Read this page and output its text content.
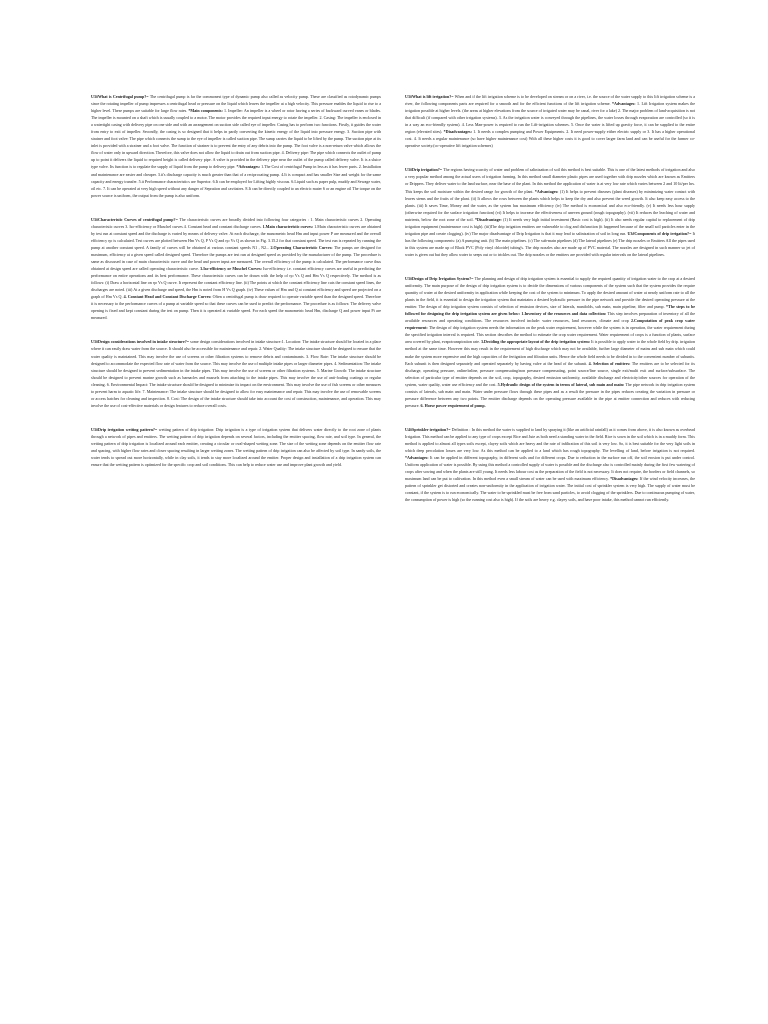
U3#What is Centrifugal pump?= The centrifugal pump is far the commonest type of dynamic pump also called as velocity pump. These are classified as rotodynamic pumps since the rotating impeller of pump impresses a centrifugal head or pressure on the liquid which leaves the impeller at a high velocity. This pressure enables the liquid to rise to a higher level. These pumps are suitable for large flow rates. *Main components: 1. Impeller: An impeller is a wheel or rotor having a series of backward curved vanes or blades. The impeller is mounted on a shaft which is usually coupled to a motor. The motor provides the required input energy to rotate the impeller. 2. Casing: The impeller is enclosed in a watertight casing with delivery pipe on one side and with an arrangement on suction side called eye of impeller. Casing has to perform two functions. Firstly, it guides the water from entry to exit of impeller. Secondly, the casing is so designed that it helps in partly converting the kinetic energy of the liquid into pressure energy. 3. Suction pipe with strainer and foot valve: The pipe which connects the sump to the eye of impeller is called suction pipe. The sump carries the liquid to be lifted by the pump. The suction pipe at its inlet is provided with a strainer and a foot valve. The function of strainer is to prevent the entry of any debris into the pump. The foot valve is a non-return valve which allows the flow of water only in upward direction. Therefore, this valve does not allow the liquid to drain out from suction pipe. 4. Delivery pipe: The pipe which connects the outlet of pump up to point it delivers the liquid to required height is called delivery pipe. A valve is provided in the delivery pipe near the outlet of the pump called delivery valve. It is a sluice type valve. Its function is to regulate the supply of liquid from the pump to delivery pipe. *Advantages: 1.The Cost of centrifugal Pump in less as it has fewer parts. 2. Installation and maintenance are easier and cheaper. 3.it's discharge capacity is much greater than that of a reciprocating pump. 4.It is compact and has smaller Size and weight for the same capacity and energy transfer. 5.it Performance characteristics are Superior. 6.It can be employed for Lifting highly viscous. 6.Liquid such as paper pulp, muddy and Sewage water, oil etc. 7. It can be operated at very high speed without any danger of Sepration and cavitatres. 8.It can be directly coupled to an electric mater 6 or an engine oil The torque on the power source is uniform, the output from the pump is also uniform.

U3#Characteristic Curves of centrifugal pump?= The characteristic curves are broadly divided into following four categories : 1. Main characteristic curves 2. Operating characteristic curves 3. Iso-efficiency or Muschel curves 4. Constant head and constant discharge curves. 1.Main characteristic curves: 1.Main characteristic curves are obtained by test run at constant speed and the discharge is varied by means of delivery valve. At each discharge, the manometric head Hm and input power P are measured and the overall efficiency ηo is calculated. Test curves are plotted between Hm Vs Q, P Vs Q and ηo Vs Q as shown in Fig. 3.15.2 for that constant speed. The test run is repeated by running the pump at another constant speed. A family of curves will be obtained at various constant speeds N1 , N2... 2.Operating Characteristic Curves: The pumps are designed for maximum, efficiency at a given speed called designed speed. Therefore the pumps are test run at designed speed as provided by the manufacturer of the pump. The procedure is same as discussed in case of main characteristic curve and the head and power input are measured. The overall efficiency of the pump is calculated. The performance curve thus obtained at design speed are called operating characteristic curve. 3.Iso-efficiency or Muschel Curves: Iso-efficiency i.e. constant efficiency curves are useful in predicting the performance on entire operations and its best performance. These characteristic curves can be drawn with the help of ηo Vs Q and Hm Vs Q respectively. The method is as follows: (i) Draw a horizontal line on ηo Vs Q curve. It represent the constant efficiency line. (ii) The points at which the constant efficiency line cuts the constant speed lines, the discharges are noted. (iii) At a given discharge and speed, the Hm is noted from H Vs Q graph. (iv) These values of Hm and Q at constant efficiency and speed are projected on a graph of Hm Vs Q. 4. Constant Head and Constant Discharge Curves: Often a centrifugal pump is draw required to operate variable speed than the designed speed. Therefore it is necessary to the performance curves of a pump at variable speed so that these curves can be used to predict the performance. The procedure is as follows: The delivery valve opening is fixed and kept constant during the test on pump. Then it is operated at variable speed. For each speed the manometric head Hm, discharge Q and power input Pi are measured.

U3#Design considerations involved in intake structure?= some design considerations involved in intake structure:1. Location: The intake structure should be located in a place where it can easily draw water from the source. It should also be accessible for maintenance and repair. 2. Water Quality: The intake structure should be designed to ensure that the water quality is maintained. This may involve the use of screens or other filtration systems to remove debris and contaminants. 3. Flow Rate: The intake structure should be designed to accommodate the expected flow rate of water from the source. This may involve the use of multiple intake pipes or larger diameter pipes. 4. Sedimentation: The intake structure should be designed to prevent sedimentation in the intake pipes. This may involve the use of screens or other filtration systems. 5. Marine Growth: The intake structure should be designed to prevent marine growth such as barnacles and mussels from attaching to the intake pipes. This may involve the use of anti-fouling coatings or regular cleaning. 6. Environmental Impact: The intake structure should be designed to minimize its impact on the environment. This may involve the use of fish screens or other measures to prevent harm to aquatic life. 7. Maintenance: The intake structure should be designed to allow for easy maintenance and repair. This may involve the use of removable screens or access hatches for cleaning and inspection. 8. Cost: The design of the intake structure should take into account the cost of construction, maintenance, and operation. This may involve the use of cost-effective materials or design features to reduce overall costs.

U3#Drip irrigation wetting pattern?= wetting pattern of drip irrigation: Drip irrigation is a type of irrigation system that delivers water directly to the root zone of plants through a network of pipes and emitters. The wetting pattern of drip irrigation depends on several factors, including the emitter spacing, flow rate, and soil type. In general, the wetting pattern of drip irrigation is localized around each emitter, creating a circular or oval-shaped wetting zone. The size of the wetting zone depends on the emitter flow rate and spacing, with higher flow rates and closer spacing resulting in larger wetting zones. The wetting pattern of drip irrigation can also be affected by soil type. In sandy soils, the water tends to spread out more horizontally, while in clay soils, it tends to stay more localized around the emitter. Proper design and installation of a drip irrigation system can ensure that the wetting pattern is optimized for the specific crop and soil conditions. This can help to reduce water use and improve plant growth and yield.

U3#What is lift irrigation?= When and if the lift irrigation scheme is to be developed on stream or on a river, i.e. the source of the water supply to this lift irrigation scheme is a river, the following components parts are required for a smooth and for the efficient functions of the lift irrigation scheme. *Advantages: 1. Lift Irrigation system makes the irrigation possible at higher levels. (the areas at higher elevations from the source of irrigated water may be canal, river for a lake) 2. The major problem of land-acquisition is not that difficult (if compared with other irrigation systems). 3. As the irrigation water is conveyed through the pipelines, the water losses through evaporation are controlled (so it is in a way an eco-friendly system). 4. Less Man-power is required to run the Lift-irrigation schemes. 5. Once the water is lifted up gravity force, it can be supplied to the entire region (elevated sites). *Disadvantages: 1. It needs a complex pumping and Power Equipments. 2. It need power-supply either electric supply or 3. It has a higher operational cost. 4. It needs a regular maintenance (so have higher maintenance cost) With all these higher costs it is good to cover larger farm land and can be useful for the farmer co-operative society.(co-operative lift irrigation schemes)

U3#Drip irrigation?= The regions having scarcity of water and problem of salinization of soil this method is best suitable. This is one of the latest methods of irrigation and also a very popular method among the actual users of irrigation farming. In this method small diameter plastic pipes are used together with drip nozzles which are known as Emitters or Drippers. They deliver water to the land surface, near the base of the plant. In this method the application of water is at very low rate which varies between 2 and 10 lit/per hrs. This keeps the soil moisture within the desired range for growth of the plant. *Advantages: (1) It helps to prevent diseases (plant diseases) by minimizing water contact with leaves stems and the fruits of the plant. (ii) It allows the rows between the plants which helps to keep the dry and also prevent the weed growth. It also keep easy access to the plants. (iii) It saves Time, Money and the water, as the system has maximum efficiency (iv) The method is economical and also eco-friendly. (v) It needs less hour supply (otherwise required for the surface irrigation function) (vi) It helps to increase the effectiveness of uneven ground (rough topography). (vii) It reduces the leaching of water and nutrients, below the root zone of the soil. *Disadvantage: (1) It needs very high initial investment (Basic cost is high). (ii) It also needs regular capital to replacement of drip irrigation equipment (maintenance cost is high). (iii)The drip irrigation emitters are vulnerable to clog and disfunction (it happened because of the small soil particles enter in the irrigation pipe and create clogging). (iv) The major disadvantage of Drip Irrigation is that it may lead to salinization of soil in long run. U3#Components of drip irrigation?= It has the following components: (a) A pumping unit. (b) The main pipelines. (c) The sub-main pipelines (d) The lateral pipelines (e) The drip nozzles or Emitters All the pipes used in this system are made up of Black PVC (Poly vinyl chloride) tubing's. The drip nozzles also are made up of PVC material. The nozzles are designed in such manner so jet of water is given out but they allow water to seeps out or to trickles out. The drip nozzles or the emitters are provided with regular intervals on the lateral pipelines.

U3#Design of Drip Irrigation System?= The planning and design of drip irrigation system is essential to supply the required quantity of irrigation water to the crop at a desired uniformity. The main purpose of the design of drip irrigation system is to decide the dimensions of various components of the system such that the system provides the require quantity of water at the desired uniformity in application while keeping the cost of the system to minimum. To apply the desired amount of water at nearly uniform rate to all the plants in the field, it is essential to design the irrigation system that maintains a desired hydraulic pressure in the pipe network and provide the desired operating pressure at the emitter. The design of drip irrigation system consists of selection of emission devices, size of laterals, manifolds, sub main, main pipeline, filter and pump. *The steps to be followed for designing the drip irrigation system are given below: 1.Inventory of the resources and data collection: This step involves preparation of inventory of all the available resources and operating conditions. The resources involved include: water resources, land resources, climate and crop 2.Computation of peak crop water requirement: The design of drip irrigation system needs the information on the peak water requirement, however while the system is in operation, the water requirement during the specified irrigation interval is required. This section describes the method to estimate the crop water requirement. Water requirement of crops is a function of plants, surface area covered by plant, evapotranspiration rate. 3.Deciding the appropriate layout of the drip irrigation system: It is possible to apply water to the whole field by drip. irrigation method at the same time. However this may result in the requirement of high discharge which may not be available, further large diameter of mains and sub main which could make the system more expensive and the high capacities of the fertigation and filtration units. Hence the whole field needs to be divided in to the convenient number of subunits. Each subunit is then designed separately and operated separately by having valve at the head of the subunit. 4. Selection of emitters: The emitters are to be selected for its discharge, operating pressure, online/inline, pressure compensating/non pressure compensating, point source/line source, single exit/multi exit and surface/subsurface. The selection of particular type of emitter depends on the soil, crop, topography, desired emission uniformity, available discharge and electricity/other sources for operation of the system, water quality, water use efficiency and the cost. 5.Hydraulic design of the system in terms of lateral, sub main and main: The pipe network in drip irrigation system consists of laterals, sub main and main. Water under pressure flows through these pipes and as a result the pressure in the pipes reduces creating the variation in pressure or pressure difference between any two points. The emitter discharge depends on the operating pressure available in the pipe at emitter connection and reduces with reducing pressure. 6. Horse power requirement of pump.

U4#Sprinkler irrigation?= Definition : In this method the water is supplied to land by spraying it (like an artificial rainfall) as it comes from above, it is also known as overhead Irrigation. This method can be applied to any type of crops except Rice and Jute as both need a standing water in the field. Rice is sown in the soil which is in a muddy form. This method is applied to almost all types soils except, clayey soils which are heavy and the rate of infiltration of this soil is very low. So, it is best suitable for the very light soils in which deep percolation losses are very low. As this method can be applied to a land which has rough topography. The levelling of land, before irrigation is not required. *Advantages: It can be applied in different topography, in different soils and for different crops. Due to reduction in the surface run off, the soil erosion is put under control. Uniform application of water is possible. By using this method a controlled supply of water is possible and the discharge also is controlled mainly during the first few watering of crops after sowing and when the plants are still young. It needs less labour cost as the preparation of the field is not necessary. It does not require, the borders or field channels, so maximum land can be put to cultivation. In this method even a small stream of water can be used with maximum efficiency. *Disadvantages: If the wind velocity increases, the pattern of sprinkler get distorted and creates non-uniformity in the application of irrigation water. The initial cost of sprinkler system is very high. The supply of water must be constant, if the system is to run economically. The water to be sprinkled must be free from sand particles, to avoid clogging of the sprinklers. Due to continuous pumping of water, the consumption of power is high (so the running cost also is high). If the soils are heavy e.g. clayey soils, and have poor intake, this method cannot run efficiently.
